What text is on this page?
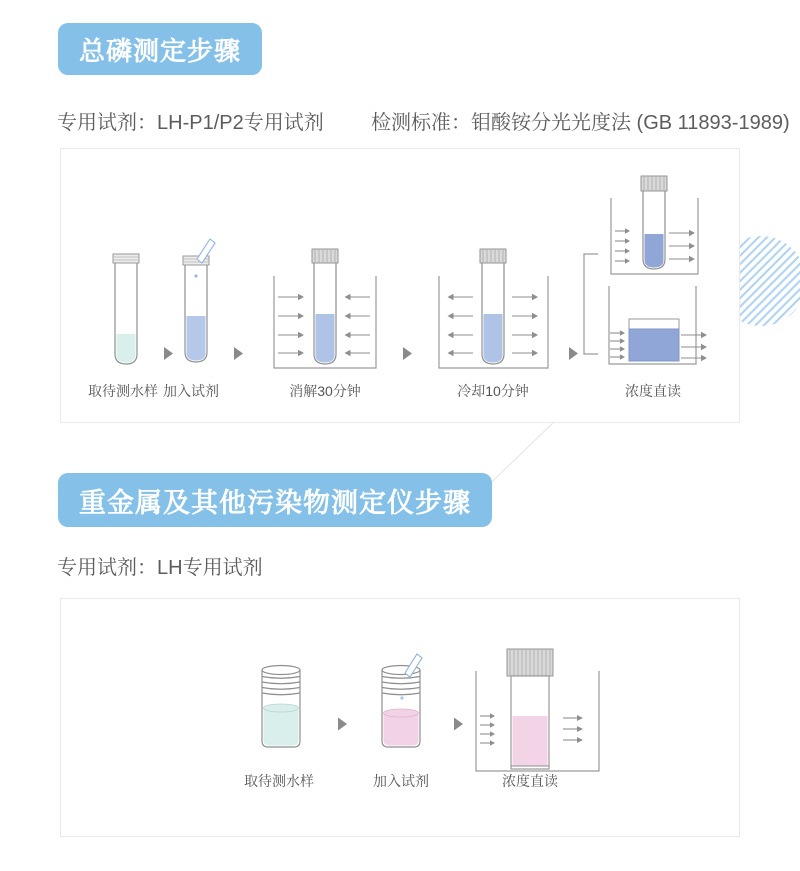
总磷测定步骤
专用试剂：LH-P1/P2专用试剂 检测标准：钼酸铵分光光度法 (GB 11893-1989)
取待测水样 加入试剂	消解30分钟	冷却10分钟	浓度直读
重金属及其他污染物测定仪步骤
专用试剂：LH专用试剂
取待测水样	加入试剂	浓度直读
